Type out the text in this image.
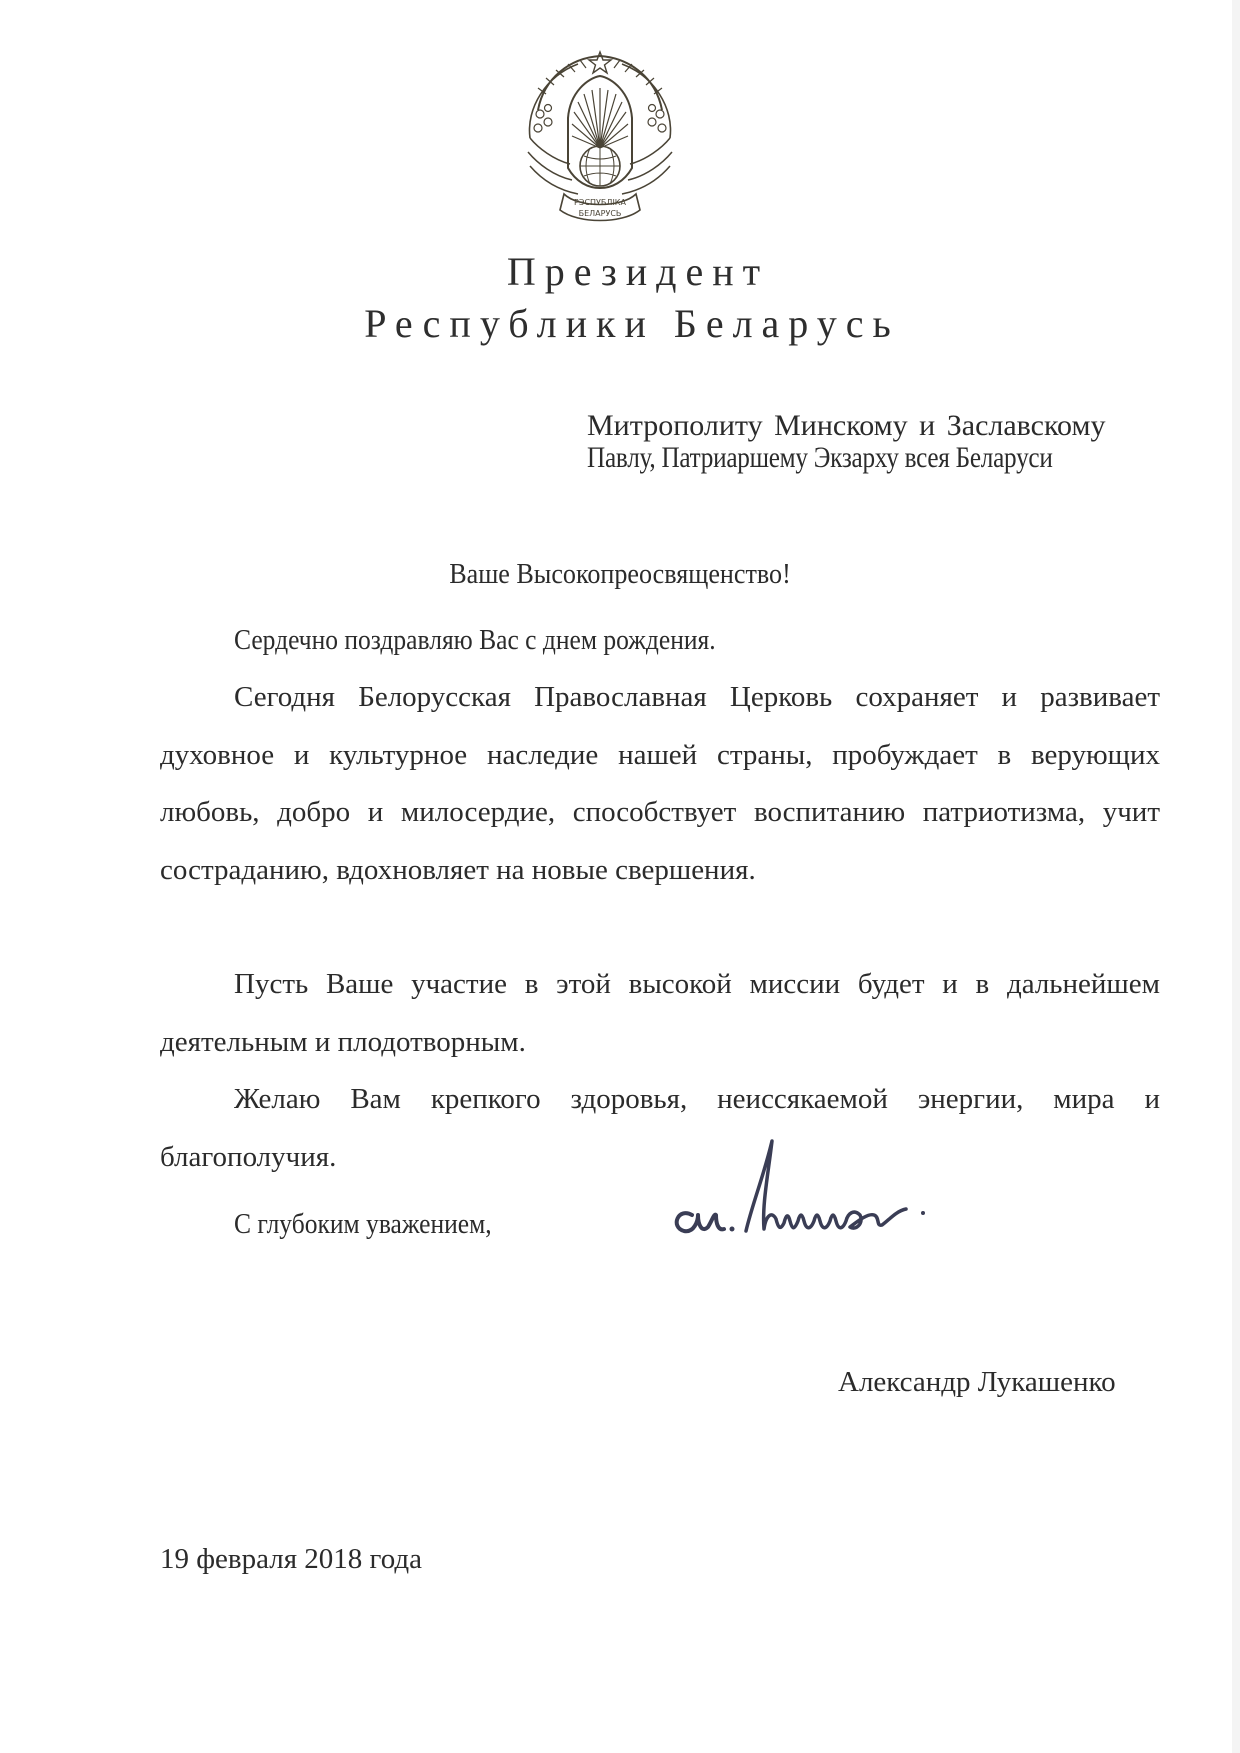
РЭСПУБЛІКА
БЕЛАРУСЬ
Президент
Республики Беларусь
Митрополиту Минскому и Заславскому
Павлу, Патриаршему Экзарху всея Беларуси
Ваше Высокопреосвященство!
Сердечно поздравляю Вас с днем рождения.
Сегодня Белорусская Православная Церковь сохраняет и развивает духовное и культурное наследие нашей страны, пробуждает в верующих любовь, добро и милосердие, способствует воспитанию патриотизма, учит состраданию, вдохновляет на новые свершения.
Пусть Ваше участие в этой высокой миссии будет и в дальнейшем деятельным и плодотворным.
Желаю Вам крепкого здоровья, неиссякаемой энергии, мира и благополучия.
С глубоким уважением,
Александр Лукашенко
19 февраля 2018 года
